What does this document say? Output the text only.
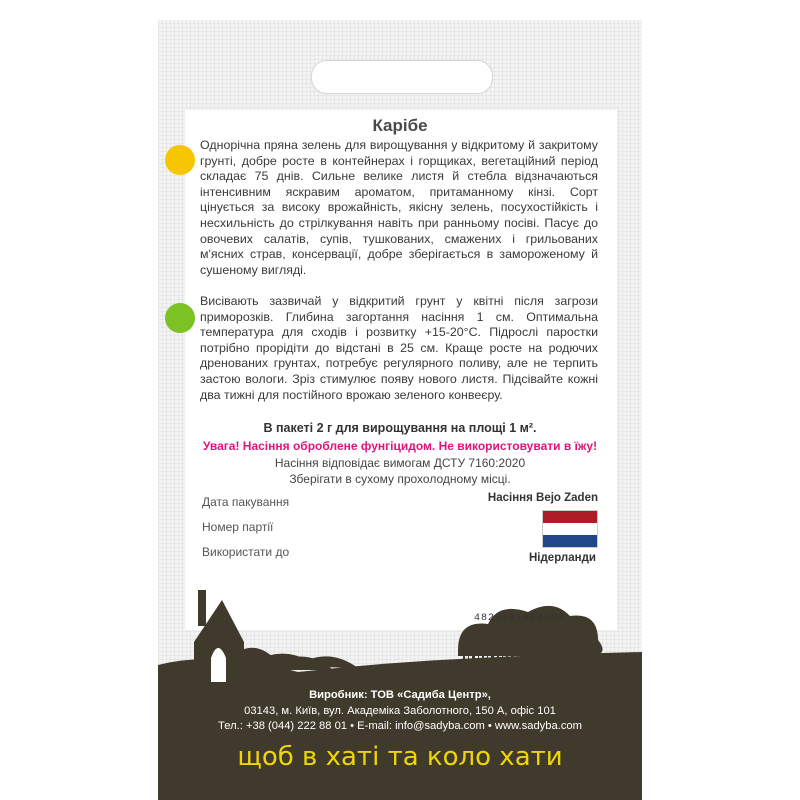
Карібе

Однорічна пряна зелень для вирощування у відкритому й закритому грунті, добре росте в контейнерах і горщиках, вегетаційний період складає 75 днів. Сильне велике листя й стебла відзначаються інтенсивним яскравим ароматом, притаманному кінзі. Сорт цінується за високу врожайність, якісну зелень, посухостійкість і несхильність до стрілкування навіть при ранньому посіві. Пасує до овочевих салатів, супів, тушкованих, смажених і грильованих м'ясних страв, консервації, добре зберігається в замороженому й сушеному вигляді.

Висівають зазвичай у відкритий грунт у квітні після загрози приморозків. Глибина загортання насіння 1 см. Оптимальна температура для сходів і розвитку +15-20°С. Підрослі паростки потрібно прорідіти до відстані в 25 см. Краще росте на родючих дренованих грунтах, потребує регулярного поливу, але не терпить застою вологи. Зріз стимулює появу нового листя. Підсівайте кожні два тижні для постійного врожаю зеленого конвеєру.

В пакеті 2 г для вирощування на площі 1 м².
Увага! Насіння оброблене фунгіцидом. Не використовувати в їжу!
Насіння відповідає вимогам ДСТУ 7160:2020
Зберігати в сухому прохолодному місці.
Дата пакування
Номер партії
Використати до
Насіння Bejo Zaden
Нідерланди
4823111403289
Виробник: ТОВ «Садиба Центр»,
03143, м. Київ, вул. Академіка Заболотного, 150 А, офіс 101
Тел.: +38 (044) 222 88 01 • E-mail: info@sadyba.com • www.sadyba.com
щоб в хаті та коло хати
